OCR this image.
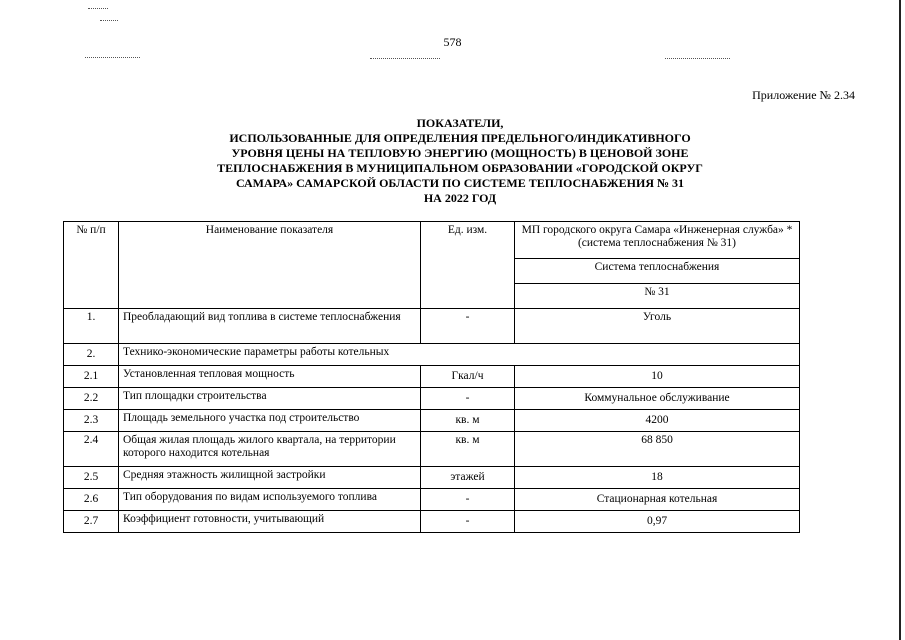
578
Приложение № 2.34
ПОКАЗАТЕЛИ,
ИСПОЛЬЗОВАННЫЕ ДЛЯ ОПРЕДЕЛЕНИЯ ПРЕДЕЛЬНОГО/ИНДИКАТИВНОГО
УРОВНЯ ЦЕНЫ НА ТЕПЛОВУЮ ЭНЕРГИЮ (МОЩНОСТЬ) В ЦЕНОВОЙ ЗОНЕ
ТЕПЛОСНАБЖЕНИЯ В МУНИЦИПАЛЬНОМ ОБРАЗОВАНИИ «ГОРОДСКОЙ ОКРУГ
САМАРА» САМАРСКОЙ ОБЛАСТИ ПО СИСТЕМЕ ТЕПЛОСНАБЖЕНИЯ № 31
НА 2022 ГОД
№ п/п	Наименование показателя	Ед. изм.	МП городского округа Самара «Инженерная служба» * (система теплоснабжения № 31)
			Система теплоснабжения
			№ 31
1.	Преобладающий вид топлива в системе теплоснабжения	-	Уголь
2.	Технико-экономические параметры работы котельных		
2.1	Установленная тепловая мощность	Гкал/ч	10
2.2	Тип площадки строительства	-	Коммунальное обслуживание
2.3	Площадь земельного участка под строительство	кв. м	4200
2.4	Общая жилая площадь жилого квартала, на территории которого находится котельная	кв. м	68 850
2.5	Средняя этажность жилищной застройки	этажей	18
2.6	Тип оборудования по видам используемого топлива	-	Стационарная котельная
2.7	Коэффициент готовности, учитывающий	-	0,97
